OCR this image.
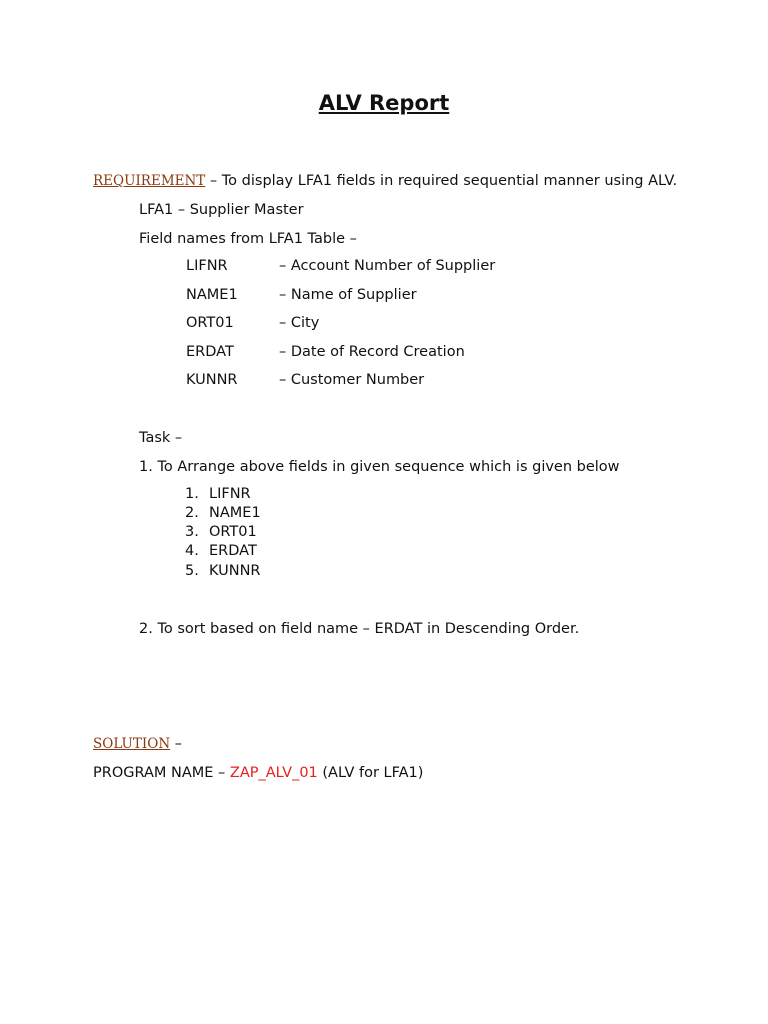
ALV Report
REQUIREMENT – To display LFA1 fields in required sequential manner using ALV.
LFA1 – Supplier Master
Field names from LFA1 Table –
LIFNR	– Account Number of Supplier
NAME1	– Name of Supplier
ORT01	– City
ERDAT	– Date of Record Creation
KUNNR	– Customer Number
Task –
1. To Arrange above fields in given sequence which is given below
1. LIFNR
2. NAME1
3. ORT01
4. ERDAT
5. KUNNR
2. To sort based on field name – ERDAT in Descending Order.
SOLUTION –
PROGRAM NAME – ZAP_ALV_01 (ALV for LFA1)
